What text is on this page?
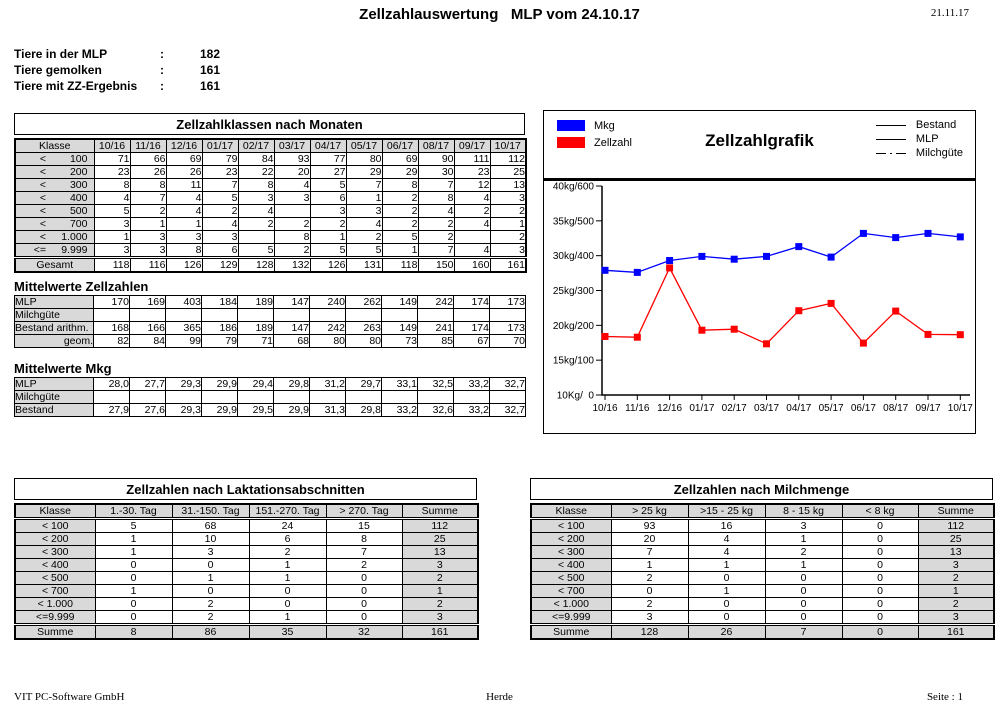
Zellzahlauswertung   MLP vom 24.10.17	21.11.17
Tiere in der MLP	:	182
Tiere gemolken	:	161
Tiere mit ZZ-Ergebnis	:	161
Zellzahlklassen nach Monaten
Klasse	10/16	11/16	12/16	01/17	02/17	03/17	04/17	05/17	06/17	08/17	09/17	10/17

< 100	71	66	69	79	84	93	77	80	69	90	111	112

< 200	23	26	26	23	22	20	27	29	29	30	23	25

< 300	8	8	11	7	8	4	5	7	8	7	12	13

< 400	4	7	4	5	3	3	6	1	2	8	4	3

< 500	5	2	4	2	4		3	3	2	4	2	2

< 700	3	1	1	4	2	2	2	4	2	2	4	1

< 1.000	1	3	3	3		8	1	2	5	2		2

<= 9.999	3	3	8	6	5	2	5	5	1	7	4	3
Gesamt	118	116	126	129	128	132	126	131	118	150	160	161
Mittelwerte Zellzahlen
MLP	170	169	403	184	189	147	240	262	149	242	174	173
Milchgüte												
Bestand arithm.	168	166	365	186	189	147	242	263	149	241	174	173
geom.	82	84	99	79	71	68	80	80	73	85	67	70
Mittelwerte Mkg
MLP	28,0	27,7	29,3	29,9	29,4	29,8	31,2	29,7	33,1	32,5	33,2	32,7
Milchgüte												
Bestand	27,9	27,6	29,3	29,9	29,5	29,9	31,3	29,8	33,2	32,6	33,2	32,7
Mkg
Zellzahl	Zellzahlgrafik
Bestand
MLP
Milchgüte
40kg/600
35kg/500
30kg/400
25kg/300
20kg/200
15kg/100
10Kg/  0
10/16 11/16 12/16 01/17 02/17 03/17 04/17 05/17 06/17 08/17 09/17 10/17
Zellzahlen nach Laktationsabschnitten
Klasse	1.-30. Tag	31.-150. Tag	151.-270. Tag	> 270. Tag	Summe
< 100	5	68	24	15	112
< 200	1	10	6	8	25
< 300	1	3	2	7	13
< 400	0	0	1	2	3
< 500	0	1	1	0	2
< 700	1	0	0	0	1
< 1.000	0	2	0	0	2
<=9.999	0	2	1	0	3
Summe	8	86	35	32	161
Zellzahlen nach Milchmenge
Klasse	> 25 kg	>15 - 25 kg	8 - 15 kg	< 8 kg	Summe
< 100	93	16	3	0	112
< 200	20	4	1	0	25
< 300	7	4	2	0	13
< 400	1	1	1	0	3
< 500	2	0	0	0	2
< 700	0	1	0	0	1
< 1.000	2	0	0	0	2
<=9.999	3	0	0	0	3
Summe	128	26	7	0	161
VIT PC-Software GmbH	Herde	Seite : 1
